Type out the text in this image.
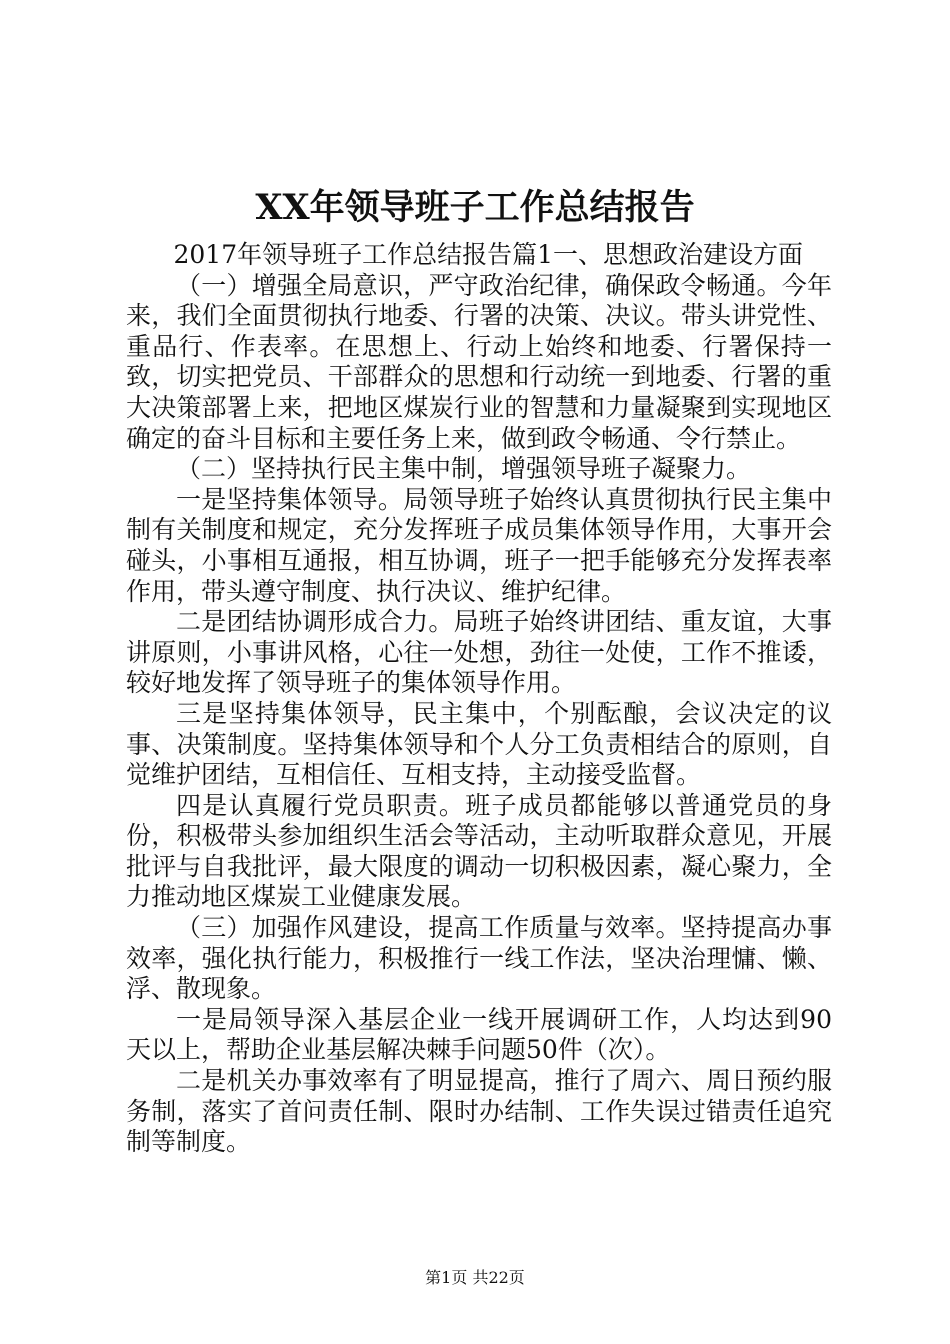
XX年领导班子工作总结报告

2017年领导班子工作总结报告篇1一、思想政治建设方面

（一）增强全局意识，严守政治纪律，确保政令畅通。今年来，我们全面贯彻执行地委、行署的决策、决议。带头讲党性、重品行、作表率。在思想上、行动上始终和地委、行署保持一致，切实把党员、干部群众的思想和行动统一到地委、行署的重大决策部署上来，把地区煤炭行业的智慧和力量凝聚到实现地区确定的奋斗目标和主要任务上来，做到政令畅通、令行禁止。

（二）坚持执行民主集中制，增强领导班子凝聚力。

一是坚持集体领导。局领导班子始终认真贯彻执行民主集中制有关制度和规定，充分发挥班子成员集体领导作用，大事开会碰头，小事相互通报，相互协调，班子一把手能够充分发挥表率作用，带头遵守制度、执行决议、维护纪律。

二是团结协调形成合力。局班子始终讲团结、重友谊，大事讲原则，小事讲风格，心往一处想，劲往一处使，工作不推诿，较好地发挥了领导班子的集体领导作用。

三是坚持集体领导，民主集中，个别酝酿，会议决定的议事、决策制度。坚持集体领导和个人分工负责相结合的原则，自觉维护团结，互相信任、互相支持，主动接受监督。

四是认真履行党员职责。班子成员都能够以普通党员的身份，积极带头参加组织生活会等活动，主动听取群众意见，开展批评与自我批评，最大限度的调动一切积极因素，凝心聚力，全力推动地区煤炭工业健康发展。

（三）加强作风建设，提高工作质量与效率。坚持提高办事效率，强化执行能力，积极推行一线工作法，坚决治理慵、懒、浮、散现象。

一是局领导深入基层企业一线开展调研工作，人均达到90天以上，帮助企业基层解决棘手问题50件（次）。

二是机关办事效率有了明显提高，推行了周六、周日预约服务制，落实了首问责任制、限时办结制、工作失误过错责任追究制等制度。

第1页 共22页
